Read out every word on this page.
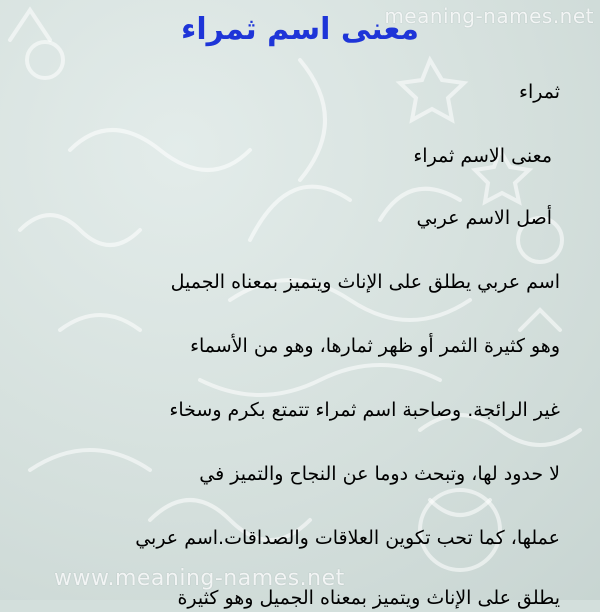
meaning-names.net
معنى اسم ثمراء
ثمراء
معنى الاسم ثمراء
أصل الاسم عربي
اسم عربي يطلق على الإناث ويتميز بمعناه الجميل
وهو كثيرة الثمر أو ظهر ثمارها، وهو من الأسماء
غير الرائجة. وصاحبة اسم ثمراء تتمتع بكرم وسخاء
لا حدود لها، وتبحث دوما عن النجاح والتميز في
عملها، كما تحب تكوين العلاقات والصداقات.اسم عربي
يطلق على الإناث ويتميز بمعناه الجميل وهو كثيرة
www.meaning-names.net
